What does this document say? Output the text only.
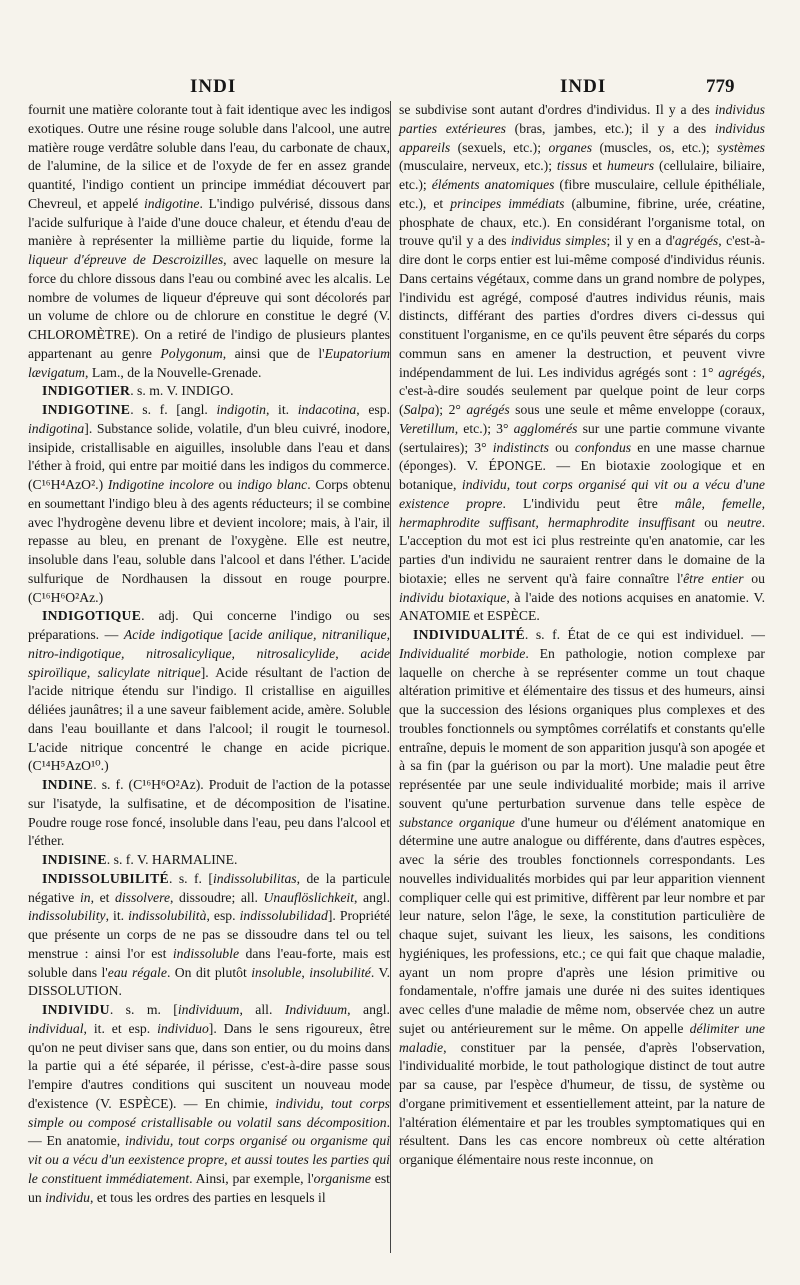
INDI	INDI	779

fournit une matière colorante tout à fait identique avec les indigos exotiques. Outre une résine rouge soluble dans l'alcool, une autre matière rouge verdâtre soluble dans l'eau, du carbonate de chaux, de l'alumine, de la silice et de l'oxyde de fer en assez grande quantité, l'indigo contient un principe immédiat découvert par Chevreul, et appelé indigotine. L'indigo pulvérisé, dissous dans l'acide sulfurique à l'aide d'une douce chaleur, et étendu d'eau de manière à représenter la millième partie du liquide, forme la liqueur d'épreuve de Descroizilles, avec laquelle on mesure la force du chlore dissous dans l'eau ou combiné avec les alcalis. Le nombre de volumes de liqueur d'épreuve qui sont décolorés par un volume de chlore ou de chlorure en constitue le degré (V. CHLOROMÈTRE). On a retiré de l'indigo de plusieurs plantes appartenant au genre Polygonum, ainsi que de l'Eupatorium lævigatum, Lam., de la Nouvelle-Grenade.

INDIGOTIER. s. m. V. INDIGO.

INDIGOTINE. s. f. [angl. indigotin, it. indacotina, esp. indigotina]. Substance solide, volatile, d'un bleu cuivré, inodore, insipide, cristallisable en aiguilles, insoluble dans l'eau et dans l'éther à froid, qui entre par moitié dans les indigos du commerce. (C¹⁶H⁴AzO².) Indigotine incolore ou indigo blanc. Corps obtenu en soumettant l'indigo bleu à des agents réducteurs; il se combine avec l'hydrogène devenu libre et devient incolore; mais, à l'air, il repasse au bleu, en prenant de l'oxygène. Elle est neutre, insoluble dans l'eau, soluble dans l'alcool et dans l'éther. L'acide sulfurique de Nordhausen la dissout en rouge pourpre. (C¹⁶H⁶O²Az.)

INDIGOTIQUE. adj. Qui concerne l'indigo ou ses préparations. — Acide indigotique [acide anilique, nitranilique, nitro-indigotique, nitrosalicylique, nitrosalicylide, acide spiroïlique, salicylate nitrique]. Acide résultant de l'action de l'acide nitrique étendu sur l'indigo. Il cristallise en aiguilles déliées jaunâtres; il a une saveur faiblement acide, amère. Soluble dans l'eau bouillante et dans l'alcool; il rougit le tournesol. L'acide nitrique concentré le change en acide picrique. (C¹⁴H⁵AzO¹⁰.)

INDINE. s. f. (C¹⁶H⁶O²Az). Produit de l'action de la potasse sur l'isatyde, la sulfisatine, et de décomposition de l'isatine. Poudre rouge rose foncé, insoluble dans l'eau, peu dans l'alcool et l'éther.

INDISINE. s. f. V. HARMALINE.

INDISSOLUBILITÉ. s. f. [indissolubilitas, de la particule négative in, et dissolvere, dissoudre; all. Unauflöslichkeit, angl. indissolubility, it. indissolubilità, esp. indissolubilidad]. Propriété que présente un corps de ne pas se dissoudre dans tel ou tel menstrue : ainsi l'or est indissoluble dans l'eau-forte, mais est soluble dans l'eau régale. On dit plutôt insoluble, insolubilité. V. DISSOLUTION.

INDIVIDU. s. m. [individuum, all. Individuum, angl. individual, it. et esp. individuo]. Dans le sens rigoureux, être qu'on ne peut diviser sans que, dans son entier, ou du moins dans la partie qui a été séparée, il périsse, c'est-à-dire passe sous l'empire d'autres conditions qui suscitent un nouveau mode d'existence (V. ESPÈCE). — En chimie, individu, tout corps simple ou composé cristallisable ou volatil sans décomposition. — En anatomie, individu, tout corps organisé ou organisme qui vit ou a vécu d'un eexistence propre, et aussi toutes les parties qui le constituent immédiatement. Ainsi, par exemple, l'organisme est un individu, et tous les ordres des parties en lesquels il

se subdivise sont autant d'ordres d'individus. Il y a des individus parties extérieures (bras, jambes, etc.); il y a des individus appareils (sexuels, etc.); organes (muscles, os, etc.); systèmes (musculaire, nerveux, etc.); tissus et humeurs (cellulaire, biliaire, etc.); éléments anatomiques (fibre musculaire, cellule épithéliale, etc.), et principes immédiats (albumine, fibrine, urée, créatine, phosphate de chaux, etc.). En considérant l'organisme total, on trouve qu'il y a des individus simples; il y en a d'agrégés, c'est-à-dire dont le corps entier est lui-même composé d'individus réunis. Dans certains végétaux, comme dans un grand nombre de polypes, l'individu est agrégé, composé d'autres individus réunis, mais distincts, différant des parties d'ordres divers ci-dessus qui constituent l'organisme, en ce qu'ils peuvent être séparés du corps commun sans en amener la destruction, et peuvent vivre indépendamment de lui. Les individus agrégés sont : 1° agrégés, c'est-à-dire soudés seulement par quelque point de leur corps (Salpa); 2° agrégés sous une seule et même enveloppe (coraux, Veretillum, etc.); 3° agglomérés sur une partie commune vivante (sertulaires); 3° indistincts ou confondus en une masse charnue (éponges). V. ÉPONGE. — En biotaxie zoologique et en botanique, individu, tout corps organisé qui vit ou a vécu d'une existence propre. L'individu peut être mâle, femelle, hermaphrodite suffisant, hermaphrodite insuffisant ou neutre. L'acception du mot est ici plus restreinte qu'en anatomie, car les parties d'un individu ne sauraient rentrer dans le domaine de la biotaxie; elles ne servent qu'à faire connaître l'être entier ou individu biotaxique, à l'aide des notions acquises en anatomie. V. ANATOMIE et ESPÈCE.

INDIVIDUALITÉ. s. f. État de ce qui est individuel. — Individualité morbide. En pathologie, notion complexe par laquelle on cherche à se représenter comme un tout chaque altération primitive et élémentaire des tissus et des humeurs, ainsi que la succession des lésions organiques plus complexes et des troubles fonctionnels ou symptômes corrélatifs et constants qu'elle entraîne, depuis le moment de son apparition jusqu'à son apogée et à sa fin (par la guérison ou par la mort). Une maladie peut être représentée par une seule individualité morbide; mais il arrive souvent qu'une perturbation survenue dans telle espèce de substance organique d'une humeur ou d'élément anatomique en détermine une autre analogue ou différente, dans d'autres espèces, avec la série des troubles fonctionnels correspondants. Les nouvelles individualités morbides qui par leur apparition viennent compliquer celle qui est primitive, diffèrent par leur nombre et par leur nature, selon l'âge, le sexe, la constitution particulière de chaque sujet, suivant les lieux, les saisons, les conditions hygiéniques, les professions, etc.; ce qui fait que chaque maladie, ayant un nom propre d'après une lésion primitive ou fondamentale, n'offre jamais une durée ni des suites identiques avec celles d'une maladie de même nom, observée chez un autre sujet ou antérieurement sur le même. On appelle délimiter une maladie, constituer par la pensée, d'après l'observation, l'individualité morbide, le tout pathologique distinct de tout autre par sa cause, par l'espèce d'humeur, de tissu, de système ou d'organe primitivement et essentiellement atteint, par la nature de l'altération élémentaire et par les troubles symptomatiques qui en résultent. Dans les cas encore nombreux où cette altération organique élémentaire nous reste inconnue, on
